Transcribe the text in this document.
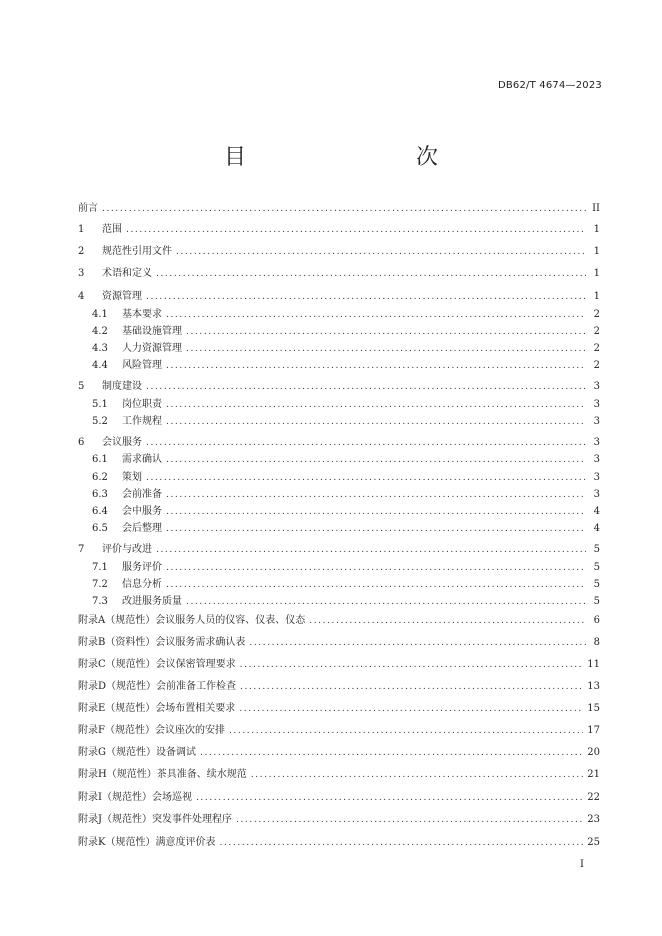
DB62/T 4674—2023
目　　次
前言 .....	II
1	范围 .....	1
2	规范性引用文件 .....	1
3	术语和定义 .....	1
4	资源管理 .....	1
4.1	基本要求 .....	2
4.2	基础设施管理 .....	2
4.3	人力资源管理 .....	2
4.4	风险管理 .....	2
5	制度建设 .....	3
5.1	岗位职责 .....	3
5.2	工作规程 .....	3
6	会议服务 .....	3
6.1	需求确认 .....	3
6.2	策划 .....	3
6.3	会前准备 .....	3
6.4	会中服务 .....	4
6.5	会后整理 .....	4
7	评价与改进 .....	5
7.1	服务评价 .....	5
7.2	信息分析 .....	5
7.3	改进服务质量 .....	5
附录A（规范性） 会议服务人员的仪容、仪表、仪态 .....	6
附录B（资料性） 会议服务需求确认表 .....	8
附录C（规范性） 会议保密管理要求 .....	11
附录D（规范性） 会前准备工作检查 .....	13
附录E（规范性） 会场布置相关要求 .....	15
附录F（规范性） 会议座次的安排 .....	17
附录G（规范性） 设备调试 .....	20
附录H（规范性） 茶具准备、续水规范 .....	21
附录I（规范性） 会场巡视 .....	22
附录J（规范性） 突发事件处理程序 .....	23
附录K（规范性） 满意度评价表 .....	25
I
